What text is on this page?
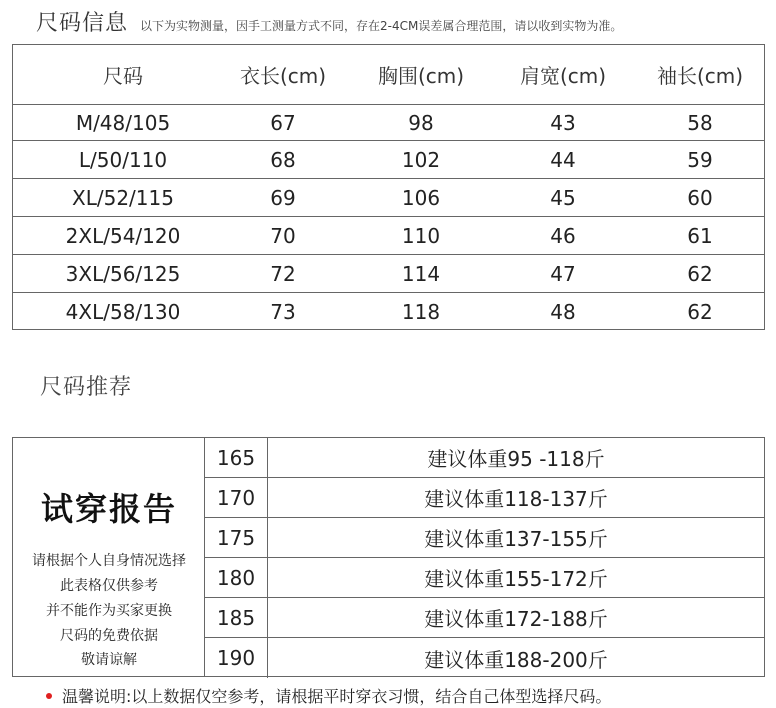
尺码信息 以下为实物测量，因手工测量方式不同，存在2-4CM误差属合理范围，请以收到实物为准。
尺码	衣长(cm)	胸围(cm)	肩宽(cm)	袖长(cm)
M/48/105	67	98	43	58
L/50/110	68	102	44	59
XL/52/115	69	106	45	60
2XL/54/120	70	110	46	61
3XL/56/125	72	114	47	62
4XL/58/130	73	118	48	62
尺码推荐
试穿报告
请根据个人自身情况选择
此表格仅供参考
并不能作为买家更换
尺码的免费依据
敬请谅解
165	建议体重95 -118斤
170	建议体重118-137斤
175	建议体重137-155斤
180	建议体重155-172斤
185	建议体重172-188斤
190	建议体重188-200斤
温馨说明:以上数据仅空参考，请根据平时穿衣习惯，结合自己体型选择尺码。
